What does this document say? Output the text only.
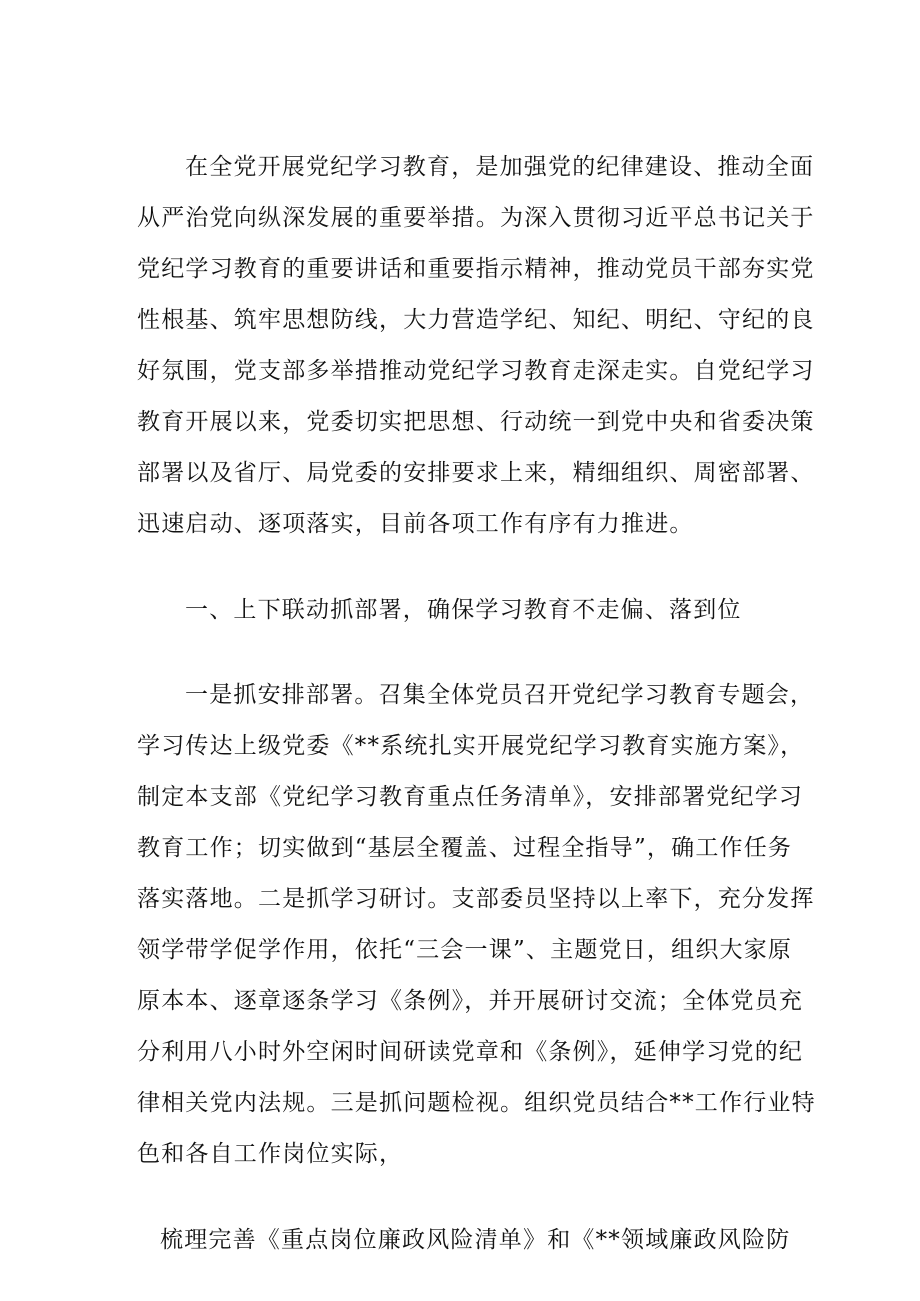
在全党开展党纪学习教育，是加强党的纪律建设、推动全面
从严治党向纵深发展的重要举措。为深入贯彻习近平总书记关于
党纪学习教育的重要讲话和重要指示精神，推动党员干部夯实党
性根基、筑牢思想防线，大力营造学纪、知纪、明纪、守纪的良
好氛围，党支部多举措推动党纪学习教育走深走实。自党纪学习
教育开展以来，党委切实把思想、行动统一到党中央和省委决策
部署以及省厅、局党委的安排要求上来，精细组织、周密部署、
迅速启动、逐项落实，目前各项工作有序有力推进。
一、上下联动抓部署，确保学习教育不走偏、落到位
一是抓安排部署。召集全体党员召开党纪学习教育专题会，
学习传达上级党委《**系统扎实开展党纪学习教育实施方案》，
制定本支部《党纪学习教育重点任务清单》，安排部署党纪学习
教育工作；切实做到“基层全覆盖、过程全指导”，确工作任务
落实落地。二是抓学习研讨。支部委员坚持以上率下，充分发挥
领学带学促学作用，依托“三会一课”、主题党日，组织大家原
原本本、逐章逐条学习《条例》，并开展研讨交流；全体党员充
分利用八小时外空闲时间研读党章和《条例》，延伸学习党的纪
律相关党内法规。三是抓问题检视。组织党员结合**工作行业特
色和各自工作岗位实际，
梳理完善《重点岗位廉政风险清单》和《**领域廉政风险防
